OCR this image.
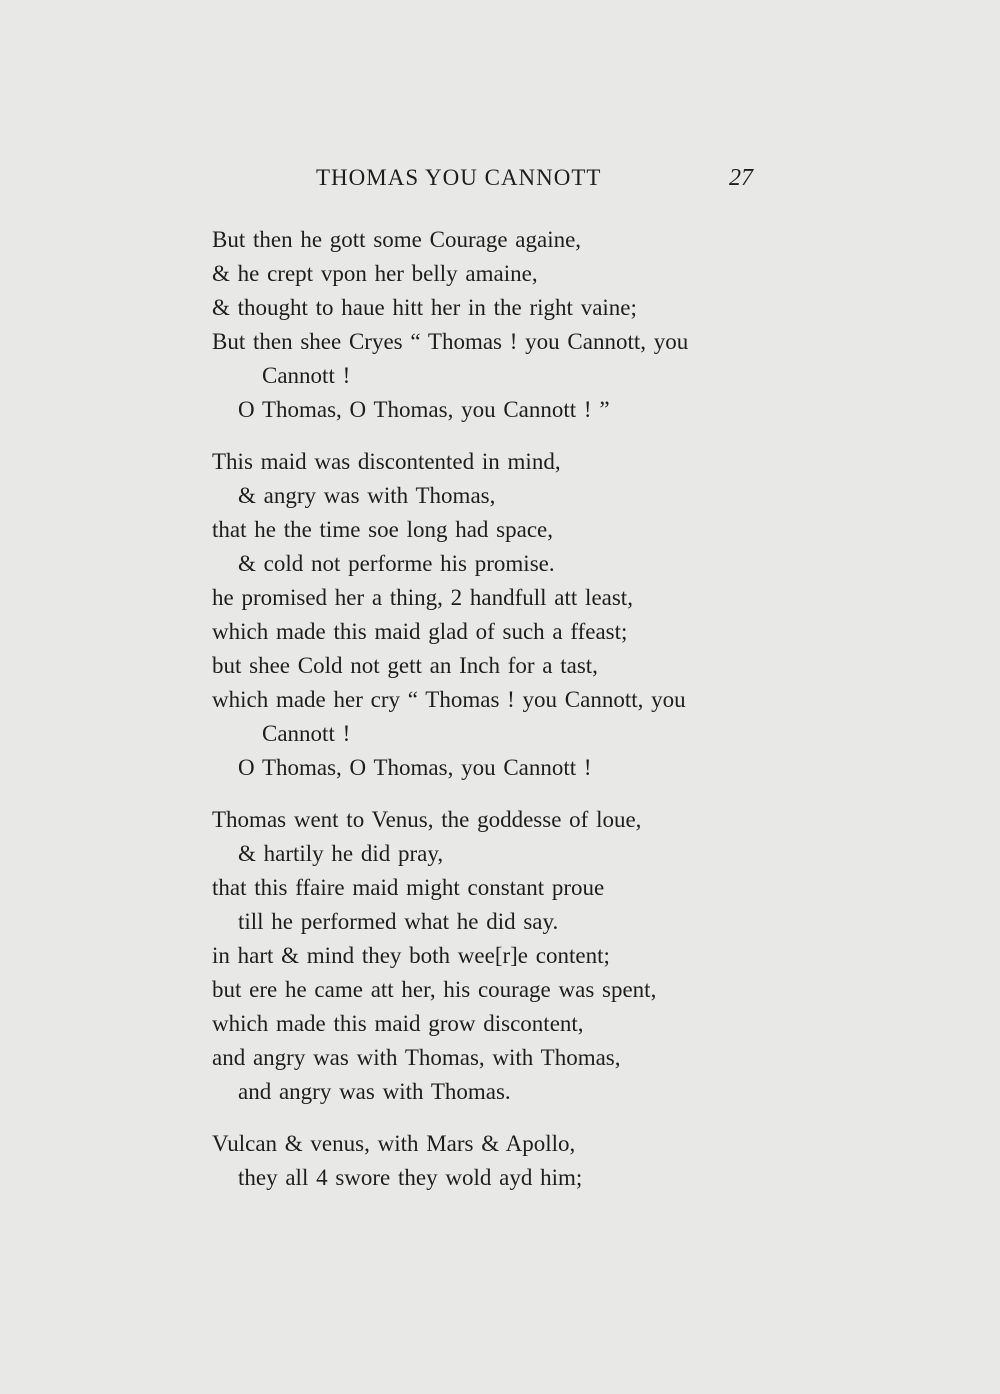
THOMAS YOU CANNOTT	27
But then he gott some Courage againe,
& he crept vpon her belly amaine,
& thought to haue hitt her in the right vaine;
But then shee Cryes “ Thomas ! you Cannott, you
Cannott !
O Thomas, O Thomas, you Cannott ! ”
This maid was discontented in mind,
& angry was with Thomas,
that he the time soe long had space,
& cold not performe his promise.
he promised her a thing, 2 handfull att least,
which made this maid glad of such a ffeast;
but shee Cold not gett an Inch for a tast,
which made her cry “ Thomas ! you Cannott, you
Cannott !
O Thomas, O Thomas, you Cannott !
Thomas went to Venus, the goddesse of loue,
& hartily he did pray,
that this ffaire maid might constant proue
till he performed what he did say.
in hart & mind they both wee[r]e content;
but ere he came att her, his courage was spent,
which made this maid grow discontent,
and angry was with Thomas, with Thomas,
and angry was with Thomas.
Vulcan & venus, with Mars & Apollo,
they all 4 swore they wold ayd him;
